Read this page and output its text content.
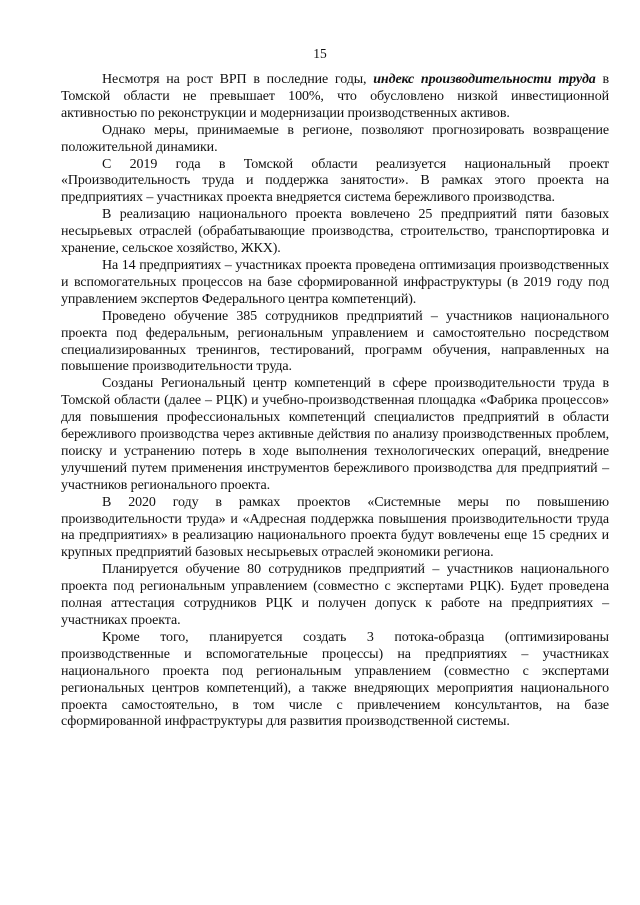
15

Несмотря на рост ВРП в последние годы, индекс производительности труда в Томской области не превышает 100%, что обусловлено низкой инвестиционной активностью по реконструкции и модернизации производственных активов.

Однако меры, принимаемые в регионе, позволяют прогнозировать возвращение положительной динамики.

С 2019 года в Томской области реализуется национальный проект «Производительность труда и поддержка занятости». В рамках этого проекта на предприятиях – участниках проекта внедряется система бережливого производства.

В реализацию национального проекта вовлечено 25 предприятий пяти базовых несырьевых отраслей (обрабатывающие производства, строительство, транспортировка и хранение, сельское хозяйство, ЖКХ).

На 14 предприятиях – участниках проекта проведена оптимизация производственных и вспомогательных процессов на базе сформированной инфраструктуры (в 2019 году под управлением экспертов Федерального центра компетенций).

Проведено обучение 385 сотрудников предприятий – участников национального проекта под федеральным, региональным управлением и самостоятельно посредством специализированных тренингов, тестирований, программ обучения, направленных на повышение производительности труда.

Созданы Региональный центр компетенций в сфере производительности труда в Томской области (далее – РЦК) и учебно-производственная площадка «Фабрика процессов» для повышения профессиональных компетенций специалистов предприятий в области бережливого производства через активные действия по анализу производственных проблем, поиску и устранению потерь в ходе выполнения технологических операций, внедрение улучшений путем применения инструментов бережливого производства для предприятий – участников регионального проекта.

В 2020 году в рамках проектов «Системные меры по повышению производительности труда» и «Адресная поддержка повышения производительности труда на предприятиях» в реализацию национального проекта будут вовлечены еще 15 средних и крупных предприятий базовых несырьевых отраслей экономики региона.

Планируется обучение 80 сотрудников предприятий – участников национального проекта под региональным управлением (совместно с экспертами РЦК). Будет проведена полная аттестация сотрудников РЦК и получен допуск к работе на предприятиях – участниках проекта.

Кроме того, планируется создать 3 потока-образца (оптимизированы производственные и вспомогательные процессы) на предприятиях – участниках национального проекта под региональным управлением (совместно с экспертами региональных центров компетенций), а также внедряющих мероприятия национального проекта самостоятельно, в том числе с привлечением консультантов, на базе сформированной инфраструктуры для развития производственной системы.
